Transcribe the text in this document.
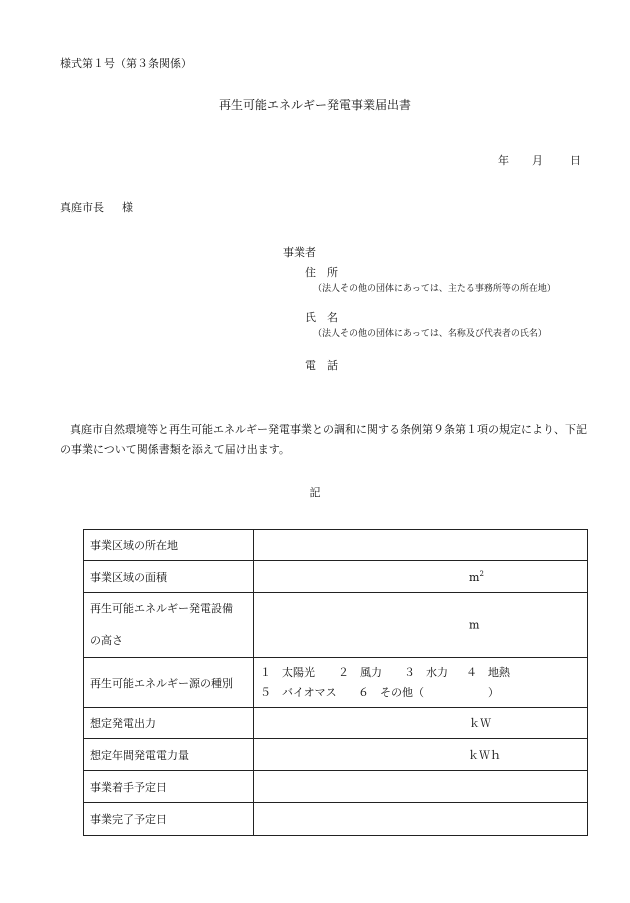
様式第１号（第３条関係）
再生可能エネルギー発電事業届出書
年 月 日
真庭市長 様
事業者
住　所
（法人その他の団体にあっては、主たる事務所等の所在地）
氏　名
（法人その他の団体にあっては、名称及び代表者の氏名）
電　話
真庭市自然環境等と再生可能エネルギー発電事業との調和に関する条例第９条第１項の規定により、下記の事業について関係書類を添えて届け出ます。
記
事業区域の所在地	
事業区域の面積	$m^2$

再生可能エネルギー発電設備
の高さ	m

再生可能エネルギー源の種別	１　太陽光 ２　風力 ３　水力 ４　地熱
５　バイオマス ６　その他（ ）

想定発電出力	ｋＷ

想定年間発電電力量	ｋＷｈ

事業着手予定日	
事業完了予定日	
